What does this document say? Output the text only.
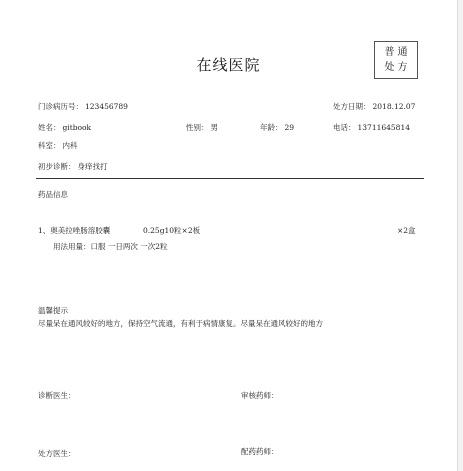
在线医院
普通
处方
门诊病历号： 123456789	处方日期： 2018.12.07
姓名： gitbook	性别： 男	年龄： 29	电话： 13711645814
科室： 内科
初步诊断： 身痒找打
药品信息
1、奥美拉唑肠溶胶囊	0.25g10粒×2板	×2盒
用法用量：口服 一日两次 一次2粒
温馨提示
尽量呆在通风较好的地方，保持空气流通，有利于病情康复。尽量呆在通风较好的地方
诊断医生：	审核药师：
处方医生：	配药药师：
